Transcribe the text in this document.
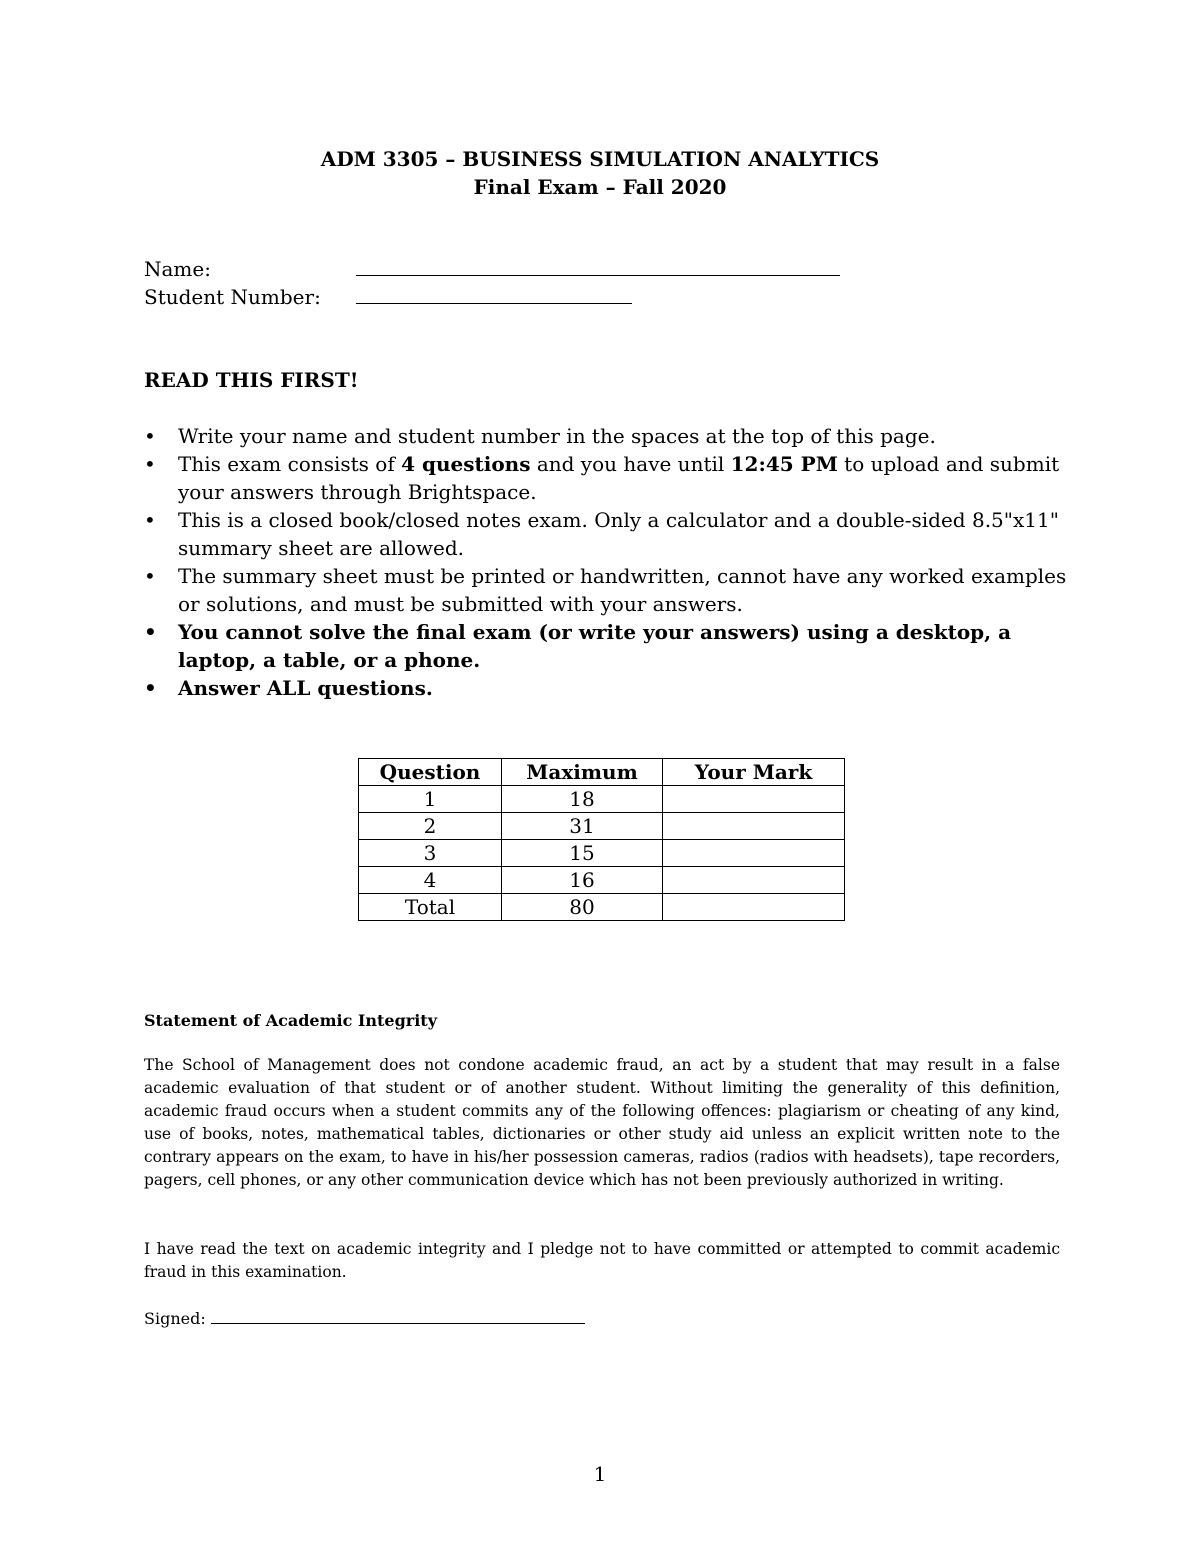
ADM 3305 – BUSINESS SIMULATION ANALYTICS
Final Exam – Fall 2020
Name:
Student Number:
READ THIS FIRST!
• Write your name and student number in the spaces at the top of this page.
• This exam consists of 4 questions and you have until 12:45 PM to upload and submit your answers through Brightspace.
• This is a closed book/closed notes exam. Only a calculator and a double-sided 8.5"x11" summary sheet are allowed.
• The summary sheet must be printed or handwritten, cannot have any worked examples or solutions, and must be submitted with your answers.
• You cannot solve the final exam (or write your answers) using a desktop, a laptop, a table, or a phone.
• Answer ALL questions.
Question	Maximum	Your Mark
1	18	
2	31	
3	15	
4	16	
Total	80	
Statement of Academic Integrity

The School of Management does not condone academic fraud, an act by a student that may result in a false academic evaluation of that student or of another student. Without limiting the generality of this definition, academic fraud occurs when a student commits any of the following offences: plagiarism or cheating of any kind, use of books, notes, mathematical tables, dictionaries or other study aid unless an explicit written note to the contrary appears on the exam, to have in his/her possession cameras, radios (radios with headsets), tape recorders, pagers, cell phones, or any other communication device which has not been previously authorized in writing.

I have read the text on academic integrity and I pledge not to have committed or attempted to commit academic fraud in this examination.

Signed:
1
